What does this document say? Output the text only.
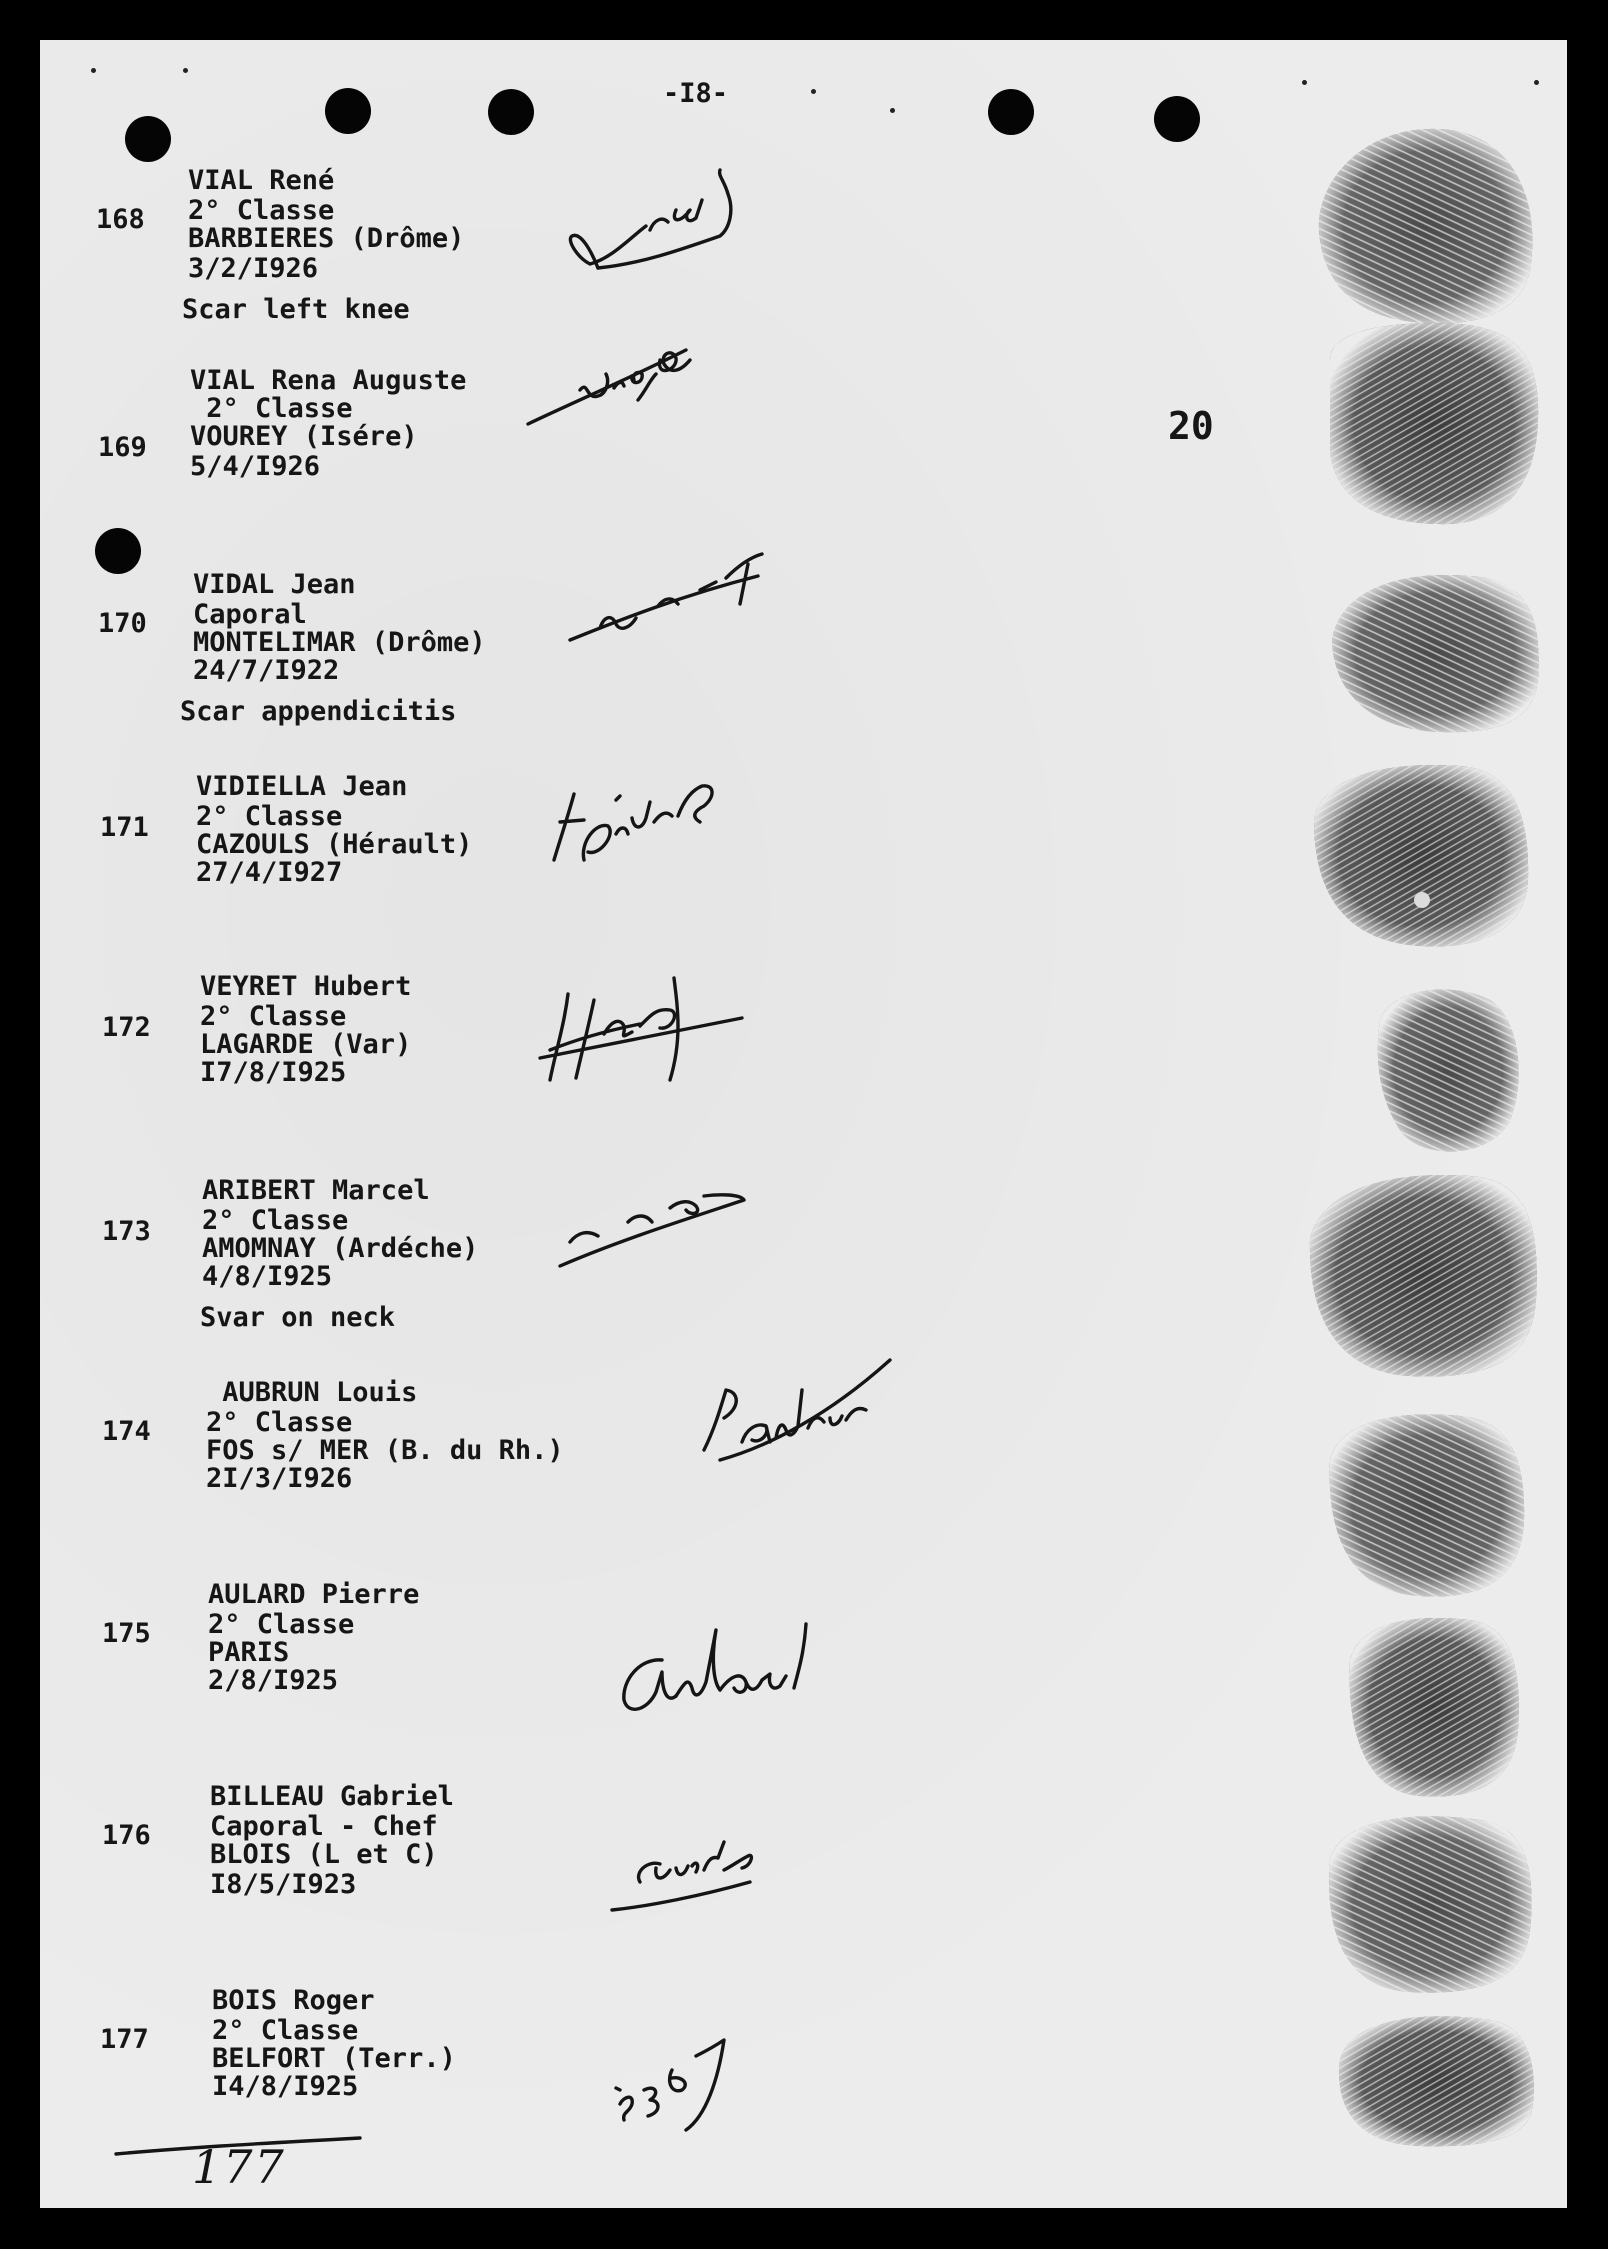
-I8-
20
168
VIAL René
2° Classe
BARBIERES (Drôme)
3/2/I926
Scar left knee
169
VIAL Rena Auguste
2° Classe
VOUREY (Isére)
5/4/I926
170
VIDAL Jean
Caporal
MONTELIMAR (Drôme)
24/7/I922
Scar appendicitis
171
VIDIELLA Jean
2° Classe
CAZOULS (Hérault)
27/4/I927
172
VEYRET Hubert
2° Classe
LAGARDE (Var)
I7/8/I925
173
ARIBERT Marcel
2° Classe
AMOMNAY (Ardéche)
4/8/I925
Svar on neck
174
AUBRUN Louis
2° Classe
FOS s/ MER (B. du Rh.)
2I/3/I926
175
AULARD Pierre
2° Classe
PARIS
2/8/I925
176
BILLEAU Gabriel
Caporal - Chef
BLOIS (L et C)
I8/5/I923
177
BOIS Roger
2° Classe
BELFORT (Terr.)
I4/8/I925
177
